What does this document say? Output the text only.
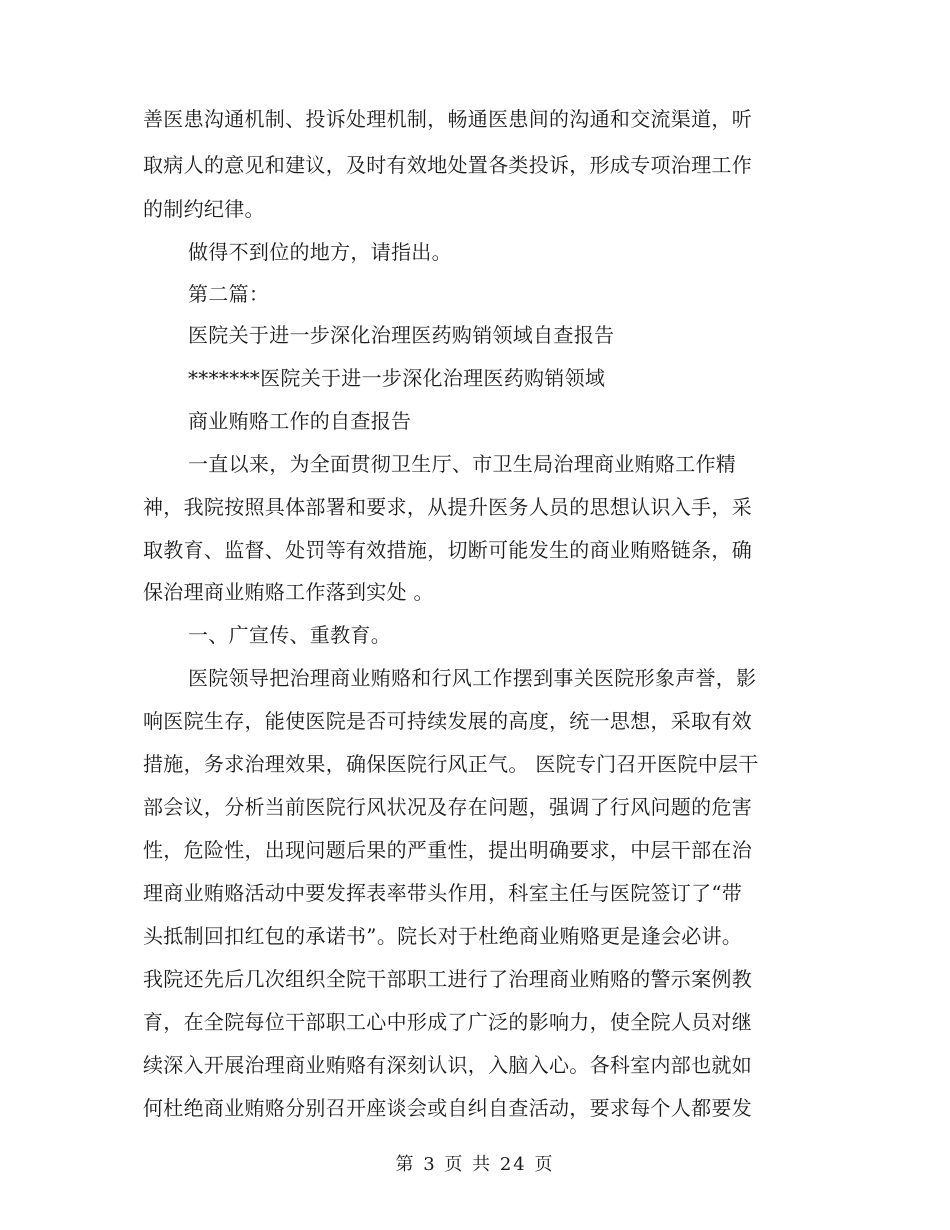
善医患沟通机制、投诉处理机制，畅通医患间的沟通和交流渠道，听
取病人的意见和建议，及时有效地处置各类投诉，形成专项治理工作
的制约纪律。
做得不到位的地方，请指出。
第二篇：
医院关于进一步深化治理医药购销领域自查报告
*******医院关于进一步深化治理医药购销领域
商业贿赂工作的自查报告
一直以来，为全面贯彻卫生厅、市卫生局治理商业贿赂工作精
神，我院按照具体部署和要求，从提升医务人员的思想认识入手，采
取教育、监督、处罚等有效措施，切断可能发生的商业贿赂链条，确
保治理商业贿赂工作落到实处 。
一、广宣传、重教育。
医院领导把治理商业贿赂和行风工作摆到事关医院形象声誉，影
响医院生存，能使医院是否可持续发展的高度，统一思想，采取有效
措施，务求治理效果，确保医院行风正气。 医院专门召开医院中层干
部会议，分析当前医院行风状况及存在问题，强调了行风问题的危害
性，危险性，出现问题后果的严重性，提出明确要求，中层干部在治
理商业贿赂活动中要发挥表率带头作用，科室主任与医院签订了“带
头抵制回扣红包的承诺书”。院长对于杜绝商业贿赂更是逢会必讲。
我院还先后几次组织全院干部职工进行了治理商业贿赂的警示案例教
育，在全院每位干部职工心中形成了广泛的影响力，使全院人员对继
续深入开展治理商业贿赂有深刻认识，入脑入心。各科室内部也就如
何杜绝商业贿赂分别召开座谈会或自纠自查活动，要求每个人都要发
第 3 页 共 24 页
